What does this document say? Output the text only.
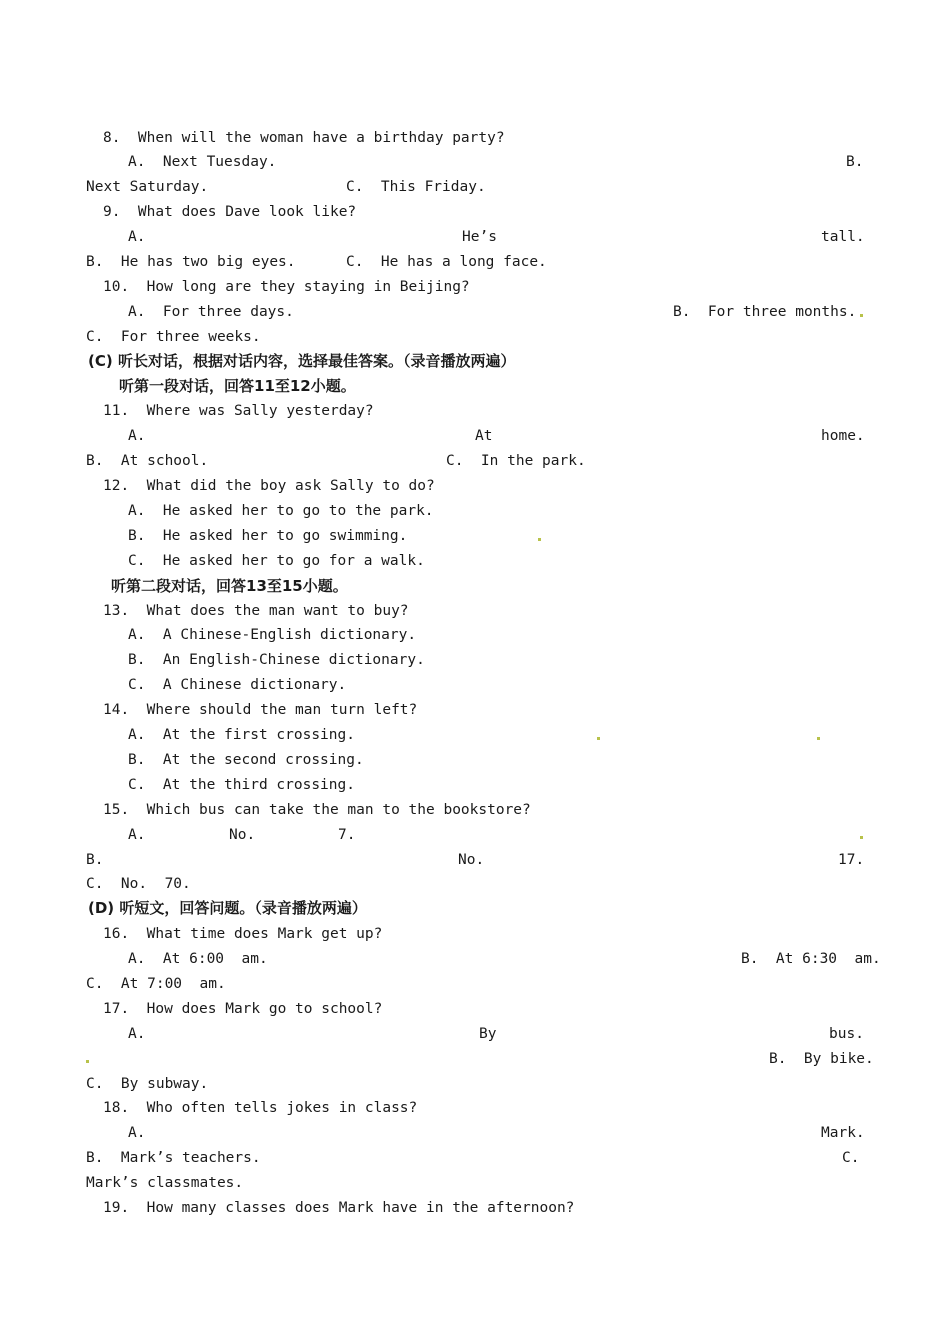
8.  When will the woman have a birthday party?
A.  Next Tuesday.	B.
Next Saturday.	C.  This Friday.
9.  What does Dave look like?
A.	He’s	tall.
B.  He has two big eyes.	C.  He has a long face.
10.  How long are they staying in Beijing?
A.  For three days.	B.  For three months.
C.  For three weeks.
(C) 听长对话，根据对话内容，选择最佳答案。（录音播放两遍）
听第一段对话，回答11至12小题。
11.  Where was Sally yesterday?
A.	At	home.
B.  At school.	C.  In the park.
12.  What did the boy ask Sally to do?
A.  He asked her to go to the park.
B.  He asked her to go swimming.
C.  He asked her to go for a walk.
听第二段对话，回答13至15小题。
13.  What does the man want to buy?
A.  A Chinese-English dictionary.
B.  An English-Chinese dictionary.
C.  A Chinese dictionary.
14.  Where should the man turn left?
A.  At the first crossing.
B.  At the second crossing.
C.  At the third crossing.
15.  Which bus can take the man to the bookstore?
A.	No.	7.
B.	No.	17.
C.  No.  70.
(D) 听短文，回答问题。（录音播放两遍）
16.  What time does Mark get up?
A.  At 6:00  am.	B.  At 6:30  am.
C.  At 7:00  am.
17.  How does Mark go to school?
A.	By	bus.
B.  By bike.
C.  By subway.
18.  Who often tells jokes in class?
A.	Mark.
B.  Mark’s teachers.	C.
Mark’s classmates.
19.  How many classes does Mark have in the afternoon?
